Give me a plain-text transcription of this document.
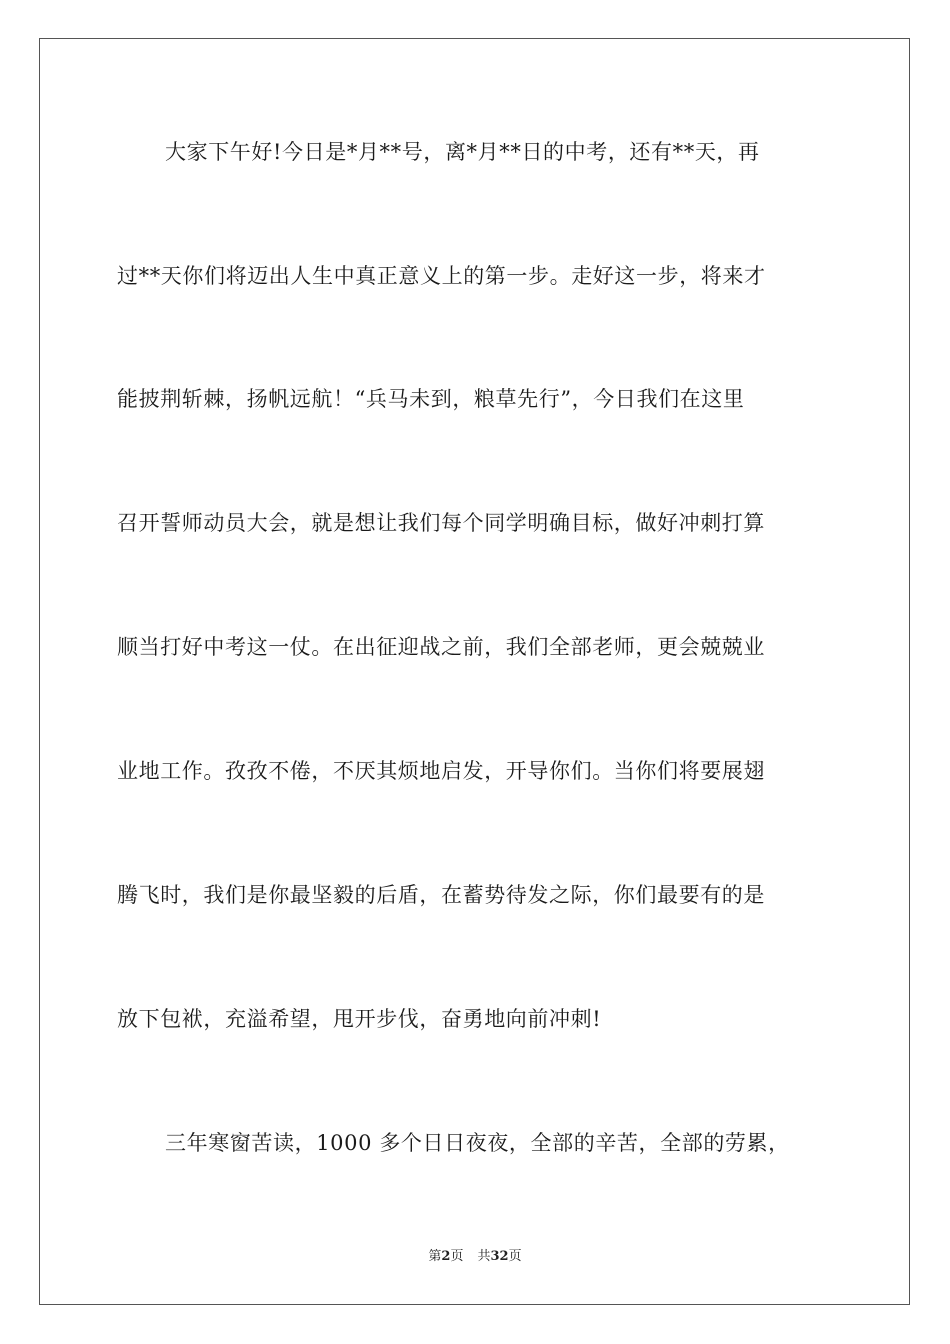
大家下午好!今日是*月**号，离*月**日的中考，还有**天，再
过**天你们将迈出人生中真正意义上的第一步。走好这一步，将来才
能披荆斩棘，扬帆远航！“兵马未到，粮草先行”，今日我们在这里
召开誓师动员大会，就是想让我们每个同学明确目标，做好冲刺打算
顺当打好中考这一仗。在出征迎战之前，我们全部老师，更会兢兢业
业地工作。孜孜不倦，不厌其烦地启发，开导你们。当你们将要展翅
腾飞时，我们是你最坚毅的后盾，在蓄势待发之际，你们最要有的是
放下包袱，充溢希望，甩开步伐，奋勇地向前冲刺!
三年寒窗苦读，1000 多个日日夜夜，全部的辛苦，全部的劳累，
第2页 共32页
